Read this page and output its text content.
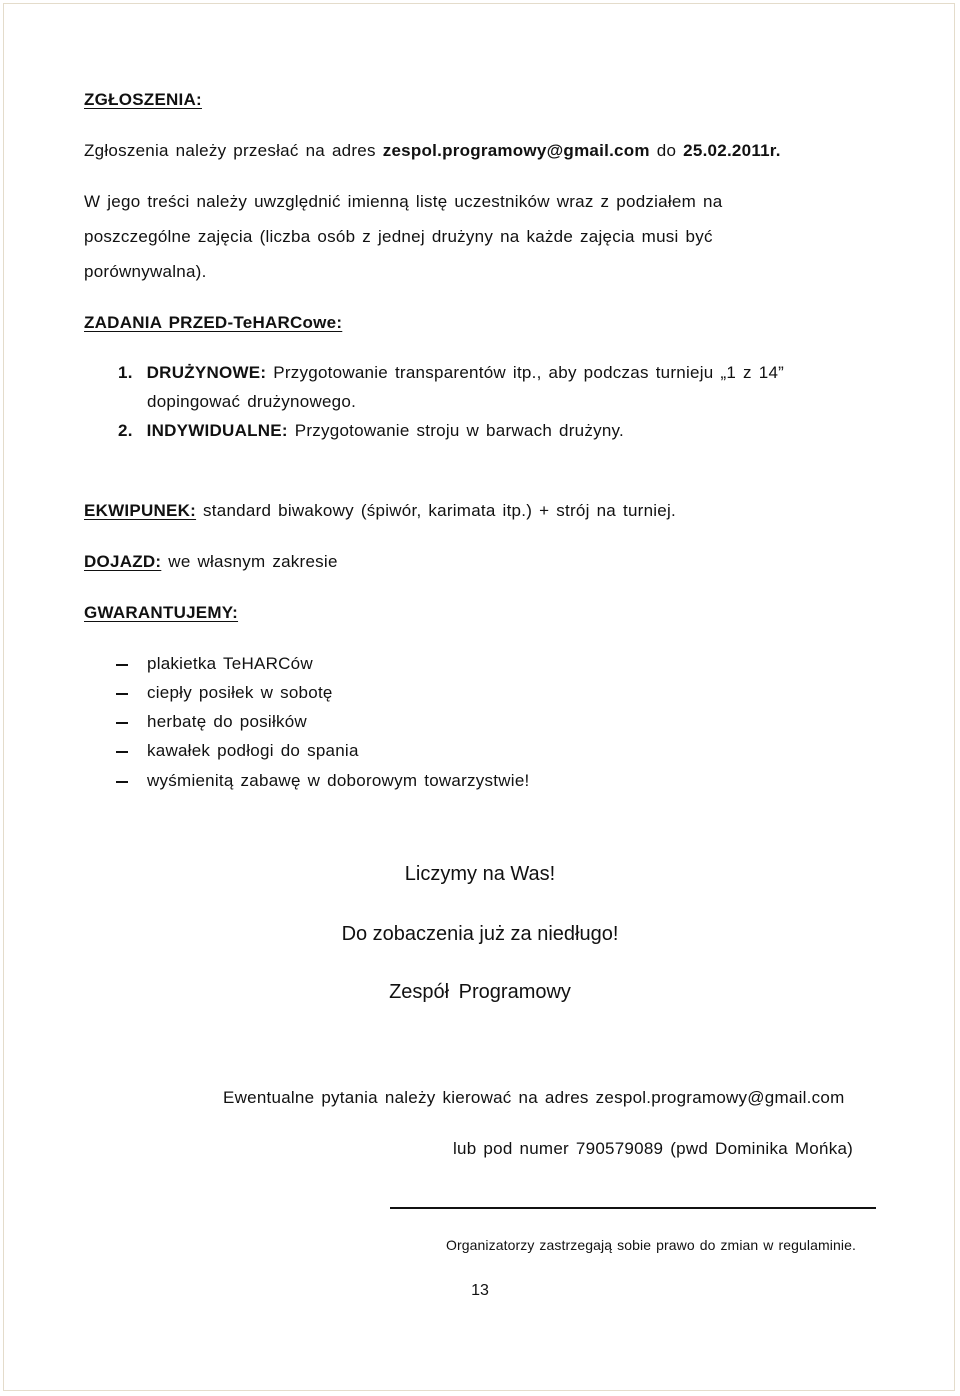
ZGŁOSZENIA:
Zgłoszenia należy przesłać na adres zespol.programowy@gmail.com do 25.02.2011r.
W jego treści należy uwzględnić imienną listę uczestników wraz z podziałem na
poszczególne zajęcia (liczba osób z jednej drużyny na każde zajęcia musi być
porównywalna).
ZADANIA PRZED-TeHARCowe:
1. DRUŻYNOWE: Przygotowanie transparentów itp., aby podczas turnieju „1 z 14”
dopingować drużynowego.
2. INDYWIDUALNE: Przygotowanie stroju w barwach drużyny.
EKWIPUNEK: standard biwakowy (śpiwór, karimata itp.) + strój na turniej.
DOJAZD: we własnym zakresie
GWARANTUJEMY:
plakietka TeHARCów
ciepły posiłek w sobotę
herbatę do posiłków
kawałek podłogi do spania
wyśmienitą zabawę w doborowym towarzystwie!
Liczymy na Was!
Do zobaczenia już za niedługo!
Zespół Programowy
Ewentualne pytania należy kierować na adres zespol.programowy@gmail.com
lub pod numer 790579089 (pwd Dominika Mońka)
Organizatorzy zastrzegają sobie prawo do zmian w regulaminie.
13
